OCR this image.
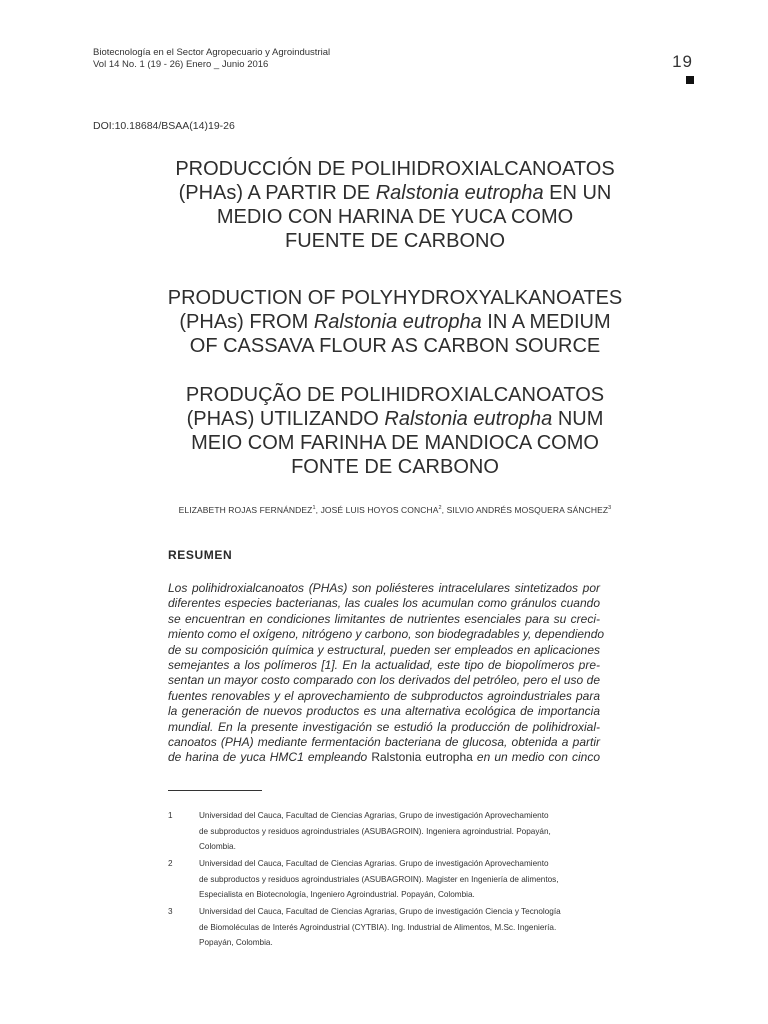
Biotecnología en el Sector Agropecuario y Agroindustrial
Vol 14 No. 1 (19 - 26) Enero _ Junio 2016	19
DOI:10.18684/BSAA(14)19-26
PRODUCCIÓN DE POLIHIDROXIALCANOATOS
(PHAs) A PARTIR DE Ralstonia eutropha EN UN
MEDIO CON HARINA DE YUCA COMO
FUENTE DE CARBONO
PRODUCTION OF POLYHYDROXYALKANOATES
(PHAs) FROM Ralstonia eutropha IN A MEDIUM
OF CASSAVA FLOUR AS CARBON SOURCE
PRODUÇÃO DE POLIHIDROXIALCANOATOS
(PHAS) UTILIZANDO Ralstonia eutropha NUM
MEIO COM FARINHA DE MANDIOCA COMO
FONTE DE CARBONO
ELIZABETH ROJAS FERNÁNDEZ$^1$, JOSÉ LUIS HOYOS CONCHA$^2$, SILVIO ANDRÉS MOSQUERA SÁNCHEZ$^3$
RESUMEN
Los polihidroxialcanoatos (PHAs) son poliésteres intracelulares sintetizados por
diferentes especies bacterianas, las cuales los acumulan como gránulos cuando
se encuentran en condiciones limitantes de nutrientes esenciales para su creci-
miento como el oxígeno, nitrógeno y carbono, son biodegradables y, dependiendo
de su composición química y estructural, pueden ser empleados en aplicaciones
semejantes a los polímeros [1]. En la actualidad, este tipo de biopolímeros pre-
sentan un mayor costo comparado con los derivados del petróleo, pero el uso de
fuentes renovables y el aprovechamiento de subproductos agroindustriales para
la generación de nuevos productos es una alternativa ecológica de importancia
mundial. En la presente investigación se estudió la producción de polihidroxial-
canoatos (PHA) mediante fermentación bacteriana de glucosa, obtenida a partir
de harina de yuca HMC1 empleando Ralstonia eutropha en un medio con cinco
1	Universidad del Cauca, Facultad de Ciencias Agrarias, Grupo de investigación Aprovechamiento
de subproductos y residuos agroindustriales (ASUBAGROIN). Ingeniera agroindustrial. Popayán,
Colombia.
2	Universidad del Cauca, Facultad de Ciencias Agrarias. Grupo de investigación Aprovechamiento
de subproductos y residuos agroindustriales (ASUBAGROIN). Magister en Ingeniería de alimentos,
Especialista en Biotecnología, Ingeniero Agroindustrial. Popayán, Colombia.
3	Universidad del Cauca, Facultad de Ciencias Agrarias, Grupo de investigación Ciencia y Tecnología
de Biomoléculas de Interés Agroindustrial (CYTBIA). Ing. Industrial de Alimentos, M.Sc. Ingeniería.
Popayán, Colombia.
